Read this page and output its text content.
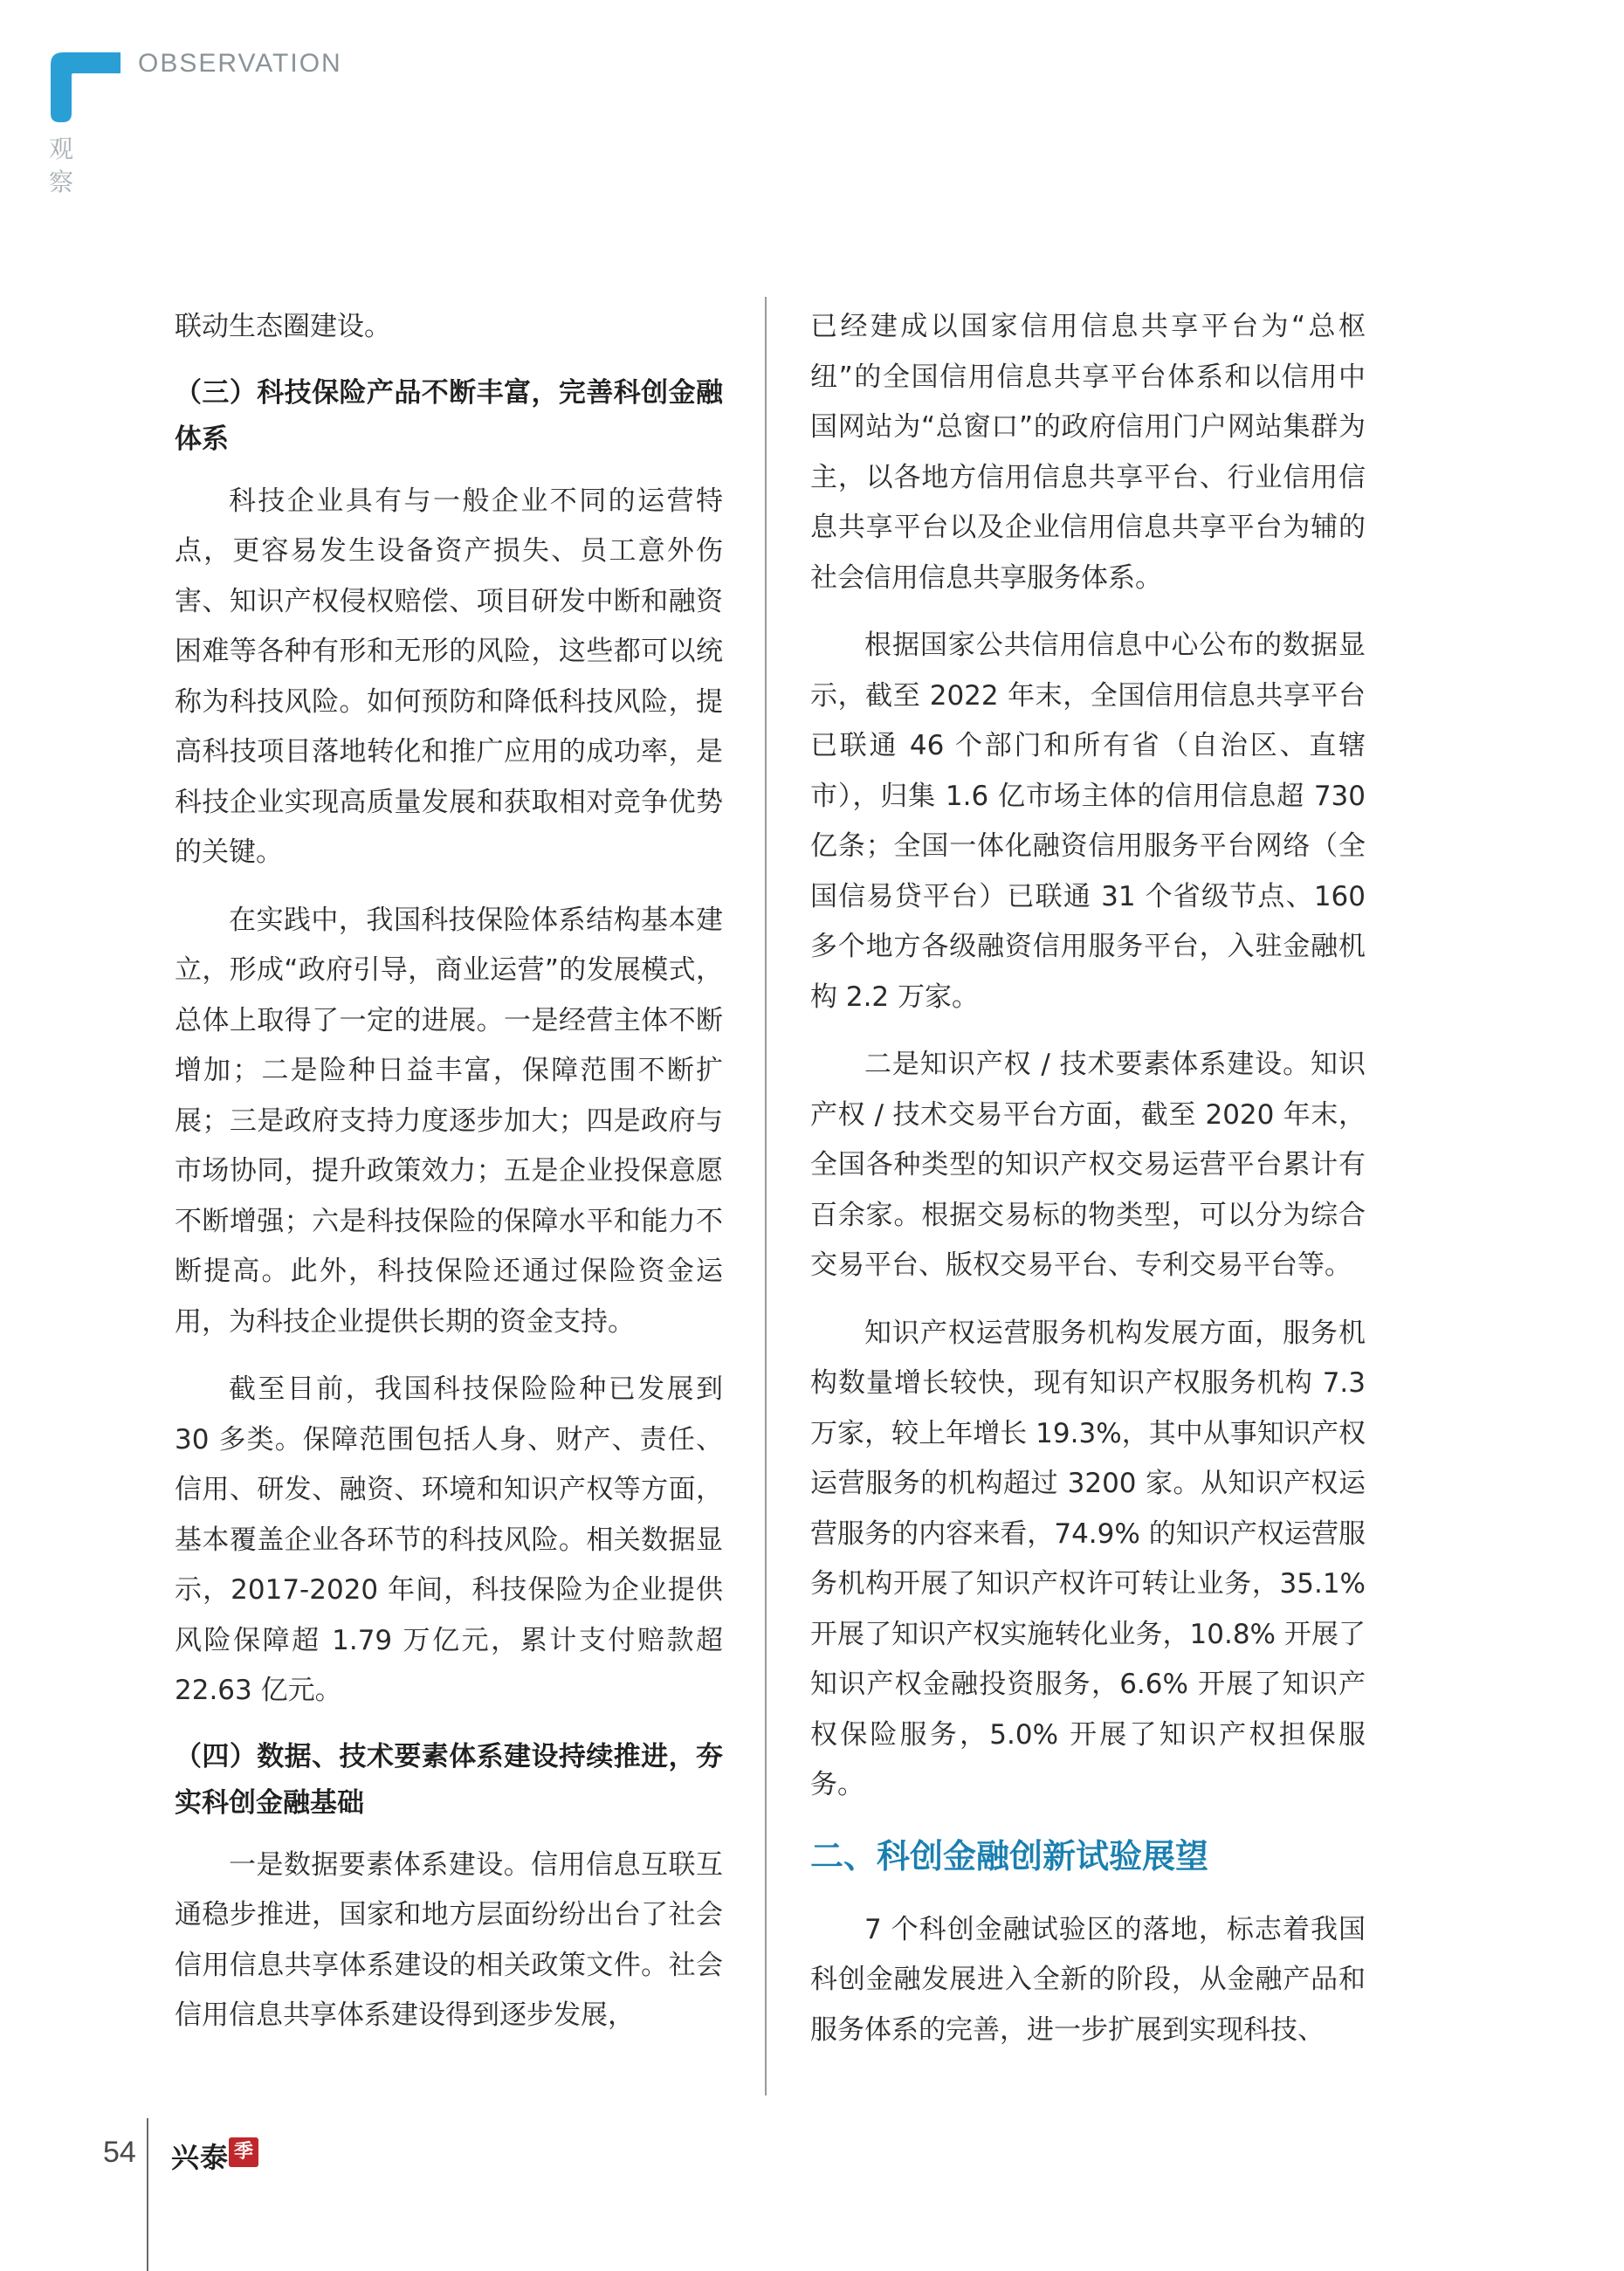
OBSERVATION
观察

联动生态圈建设。

（三）科技保险产品不断丰富，完善科创金融体系

科技企业具有与一般企业不同的运营特点，更容易发生设备资产损失、员工意外伤害、知识产权侵权赔偿、项目研发中断和融资困难等各种有形和无形的风险，这些都可以统称为科技风险。如何预防和降低科技风险，提高科技项目落地转化和推广应用的成功率，是科技企业实现高质量发展和获取相对竞争优势的关键。

在实践中，我国科技保险体系结构基本建立，形成“政府引导，商业运营”的发展模式，总体上取得了一定的进展。一是经营主体不断增加；二是险种日益丰富，保障范围不断扩展；三是政府支持力度逐步加大；四是政府与市场协同，提升政策效力；五是企业投保意愿不断增强；六是科技保险的保障水平和能力不断提高。此外，科技保险还通过保险资金运用，为科技企业提供长期的资金支持。

截至目前，我国科技保险险种已发展到 30 多类。保障范围包括人身、财产、责任、信用、研发、融资、环境和知识产权等方面，基本覆盖企业各环节的科技风险。相关数据显示，2017-2020 年间，科技保险为企业提供风险保障超 1.79 万亿元，累计支付赔款超 22.63 亿元。

（四）数据、技术要素体系建设持续推进，夯实科创金融基础

一是数据要素体系建设。信用信息互联互通稳步推进，国家和地方层面纷纷出台了社会信用信息共享体系建设的相关政策文件。社会信用信息共享体系建设得到逐步发展，

已经建成以国家信用信息共享平台为“总枢纽”的全国信用信息共享平台体系和以信用中国网站为“总窗口”的政府信用门户网站集群为主，以各地方信用信息共享平台、行业信用信息共享平台以及企业信用信息共享平台为辅的社会信用信息共享服务体系。

根据国家公共信用信息中心公布的数据显示，截至 2022 年末，全国信用信息共享平台已联通 46 个部门和所有省（自治区、直辖市），归集 1.6 亿市场主体的信用信息超 730 亿条；全国一体化融资信用服务平台网络（全国信易贷平台）已联通 31 个省级节点、160 多个地方各级融资信用服务平台，入驻金融机构 2.2 万家。

二是知识产权 / 技术要素体系建设。知识产权 / 技术交易平台方面，截至 2020 年末，全国各种类型的知识产权交易运营平台累计有百余家。根据交易标的物类型，可以分为综合交易平台、版权交易平台、专利交易平台等。

知识产权运营服务机构发展方面，服务机构数量增长较快，现有知识产权服务机构 7.3 万家，较上年增长 19.3%，其中从事知识产权运营服务的机构超过 3200 家。从知识产权运营服务的内容来看，74.9% 的知识产权运营服务机构开展了知识产权许可转让业务，35.1% 开展了知识产权实施转化业务，10.8% 开展了知识产权金融投资服务，6.6% 开展了知识产权保险服务，5.0% 开展了知识产权担保服务。

二、科创金融创新试验展望

7 个科创金融试验区的落地，标志着我国科创金融发展进入全新的阶段，从金融产品和服务体系的完善，进一步扩展到实现科技、

54 兴泰 季
